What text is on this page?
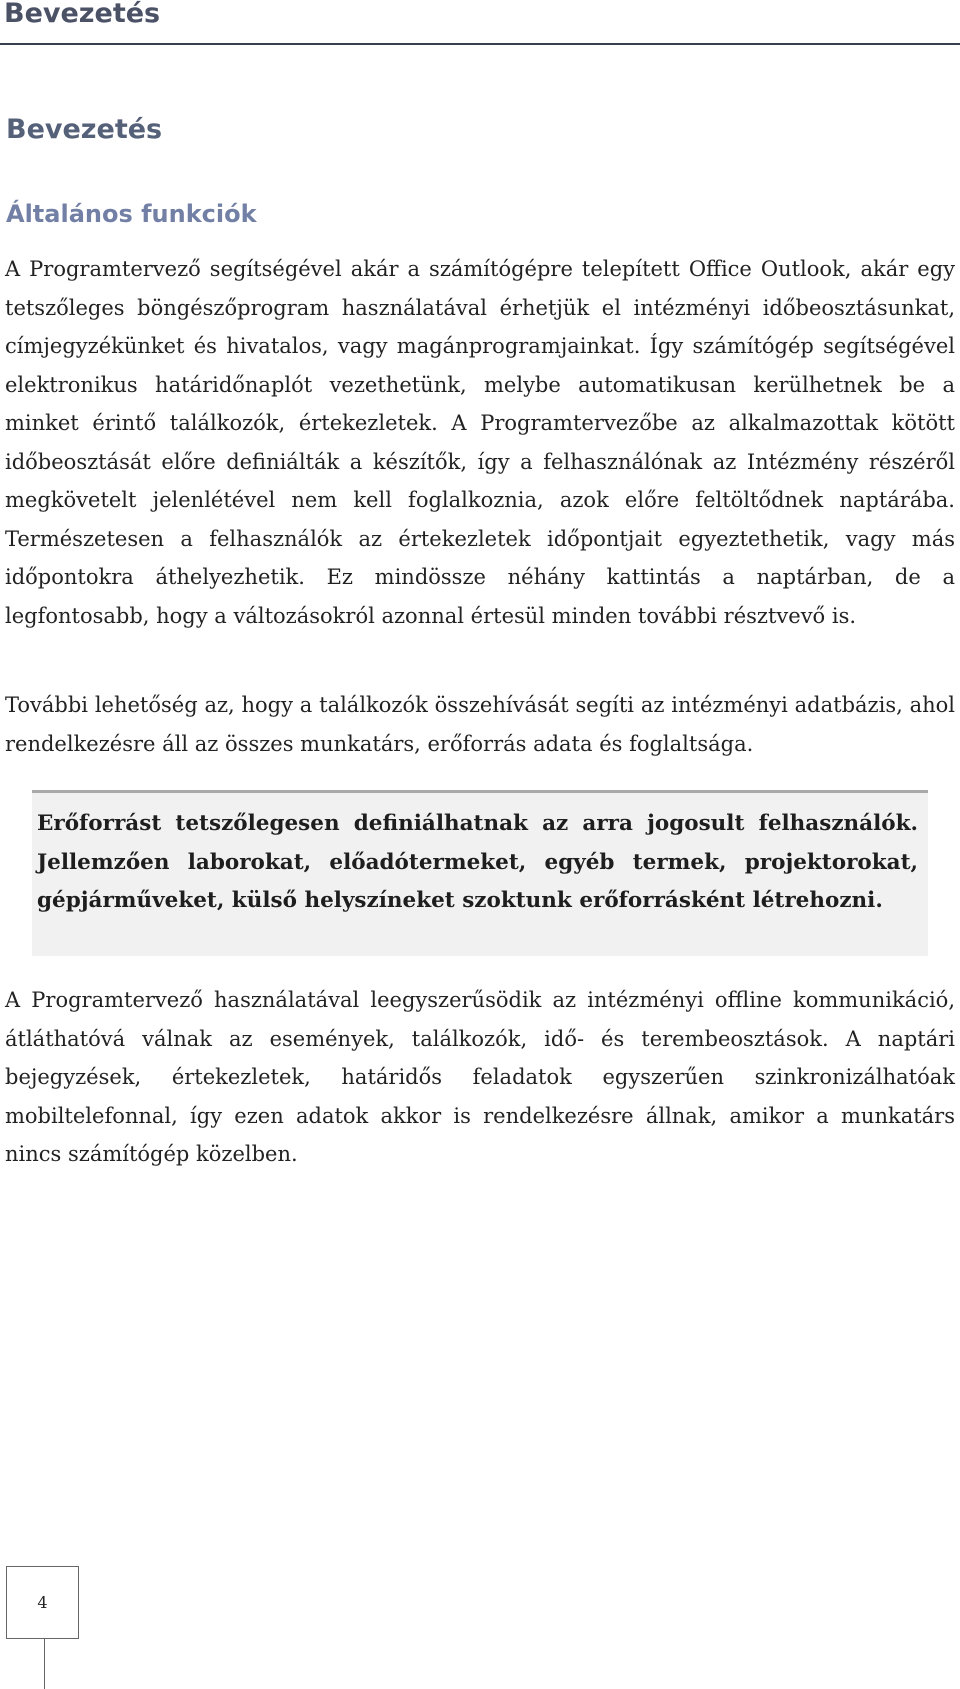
Bevezetés
Bevezetés
Általános funkciók

A Programtervező segítségével akár a számítógépre telepített Office Outlook, akár egy tetszőleges böngészőprogram használatával érhetjük el intézményi időbeosztásunkat, címjegyzékünket és hivatalos, vagy magánprogramjainkat. Így számítógép segítségével elektronikus határidőnaplót vezethetünk, melybe automatikusan kerülhetnek be a minket érintő találkozók, értekezletek. A Programtervezőbe az alkalmazottak kötött időbeosztását előre definiálták a készítők, így a felhasználónak az Intézmény részéről megkövetelt jelenlétével nem kell foglalkoznia, azok előre feltöltődnek naptárába. Természetesen a felhasználók az értekezletek időpontjait egyeztethetik, vagy más időpontokra áthelyezhetik. Ez mindössze néhány kattintás a naptárban, de a legfontosabb, hogy a változásokról azonnal értesül minden további résztvevő is.

További lehetőség az, hogy a találkozók összehívását segíti az intézményi adatbázis, ahol rendelkezésre áll az összes munkatárs, erőforrás adata és foglaltsága.

Erőforrást tetszőlegesen definiálhatnak az arra jogosult felhasználók. Jellemzően laborokat, előadótermeket, egyéb termek, projektorokat, gépjárműveket, külső helyszíneket szoktunk erőforrásként létrehozni.

A Programtervező használatával leegyszerűsödik az intézményi offline kommunikáció, átláthatóvá válnak az események, találkozók, idő- és terembeosztások. A naptári bejegyzések, értekezletek, határidős feladatok egyszerűen szinkronizálhatóak mobiltelefonnal, így ezen adatok akkor is rendelkezésre állnak, amikor a munkatárs nincs számítógép közelben.

4
